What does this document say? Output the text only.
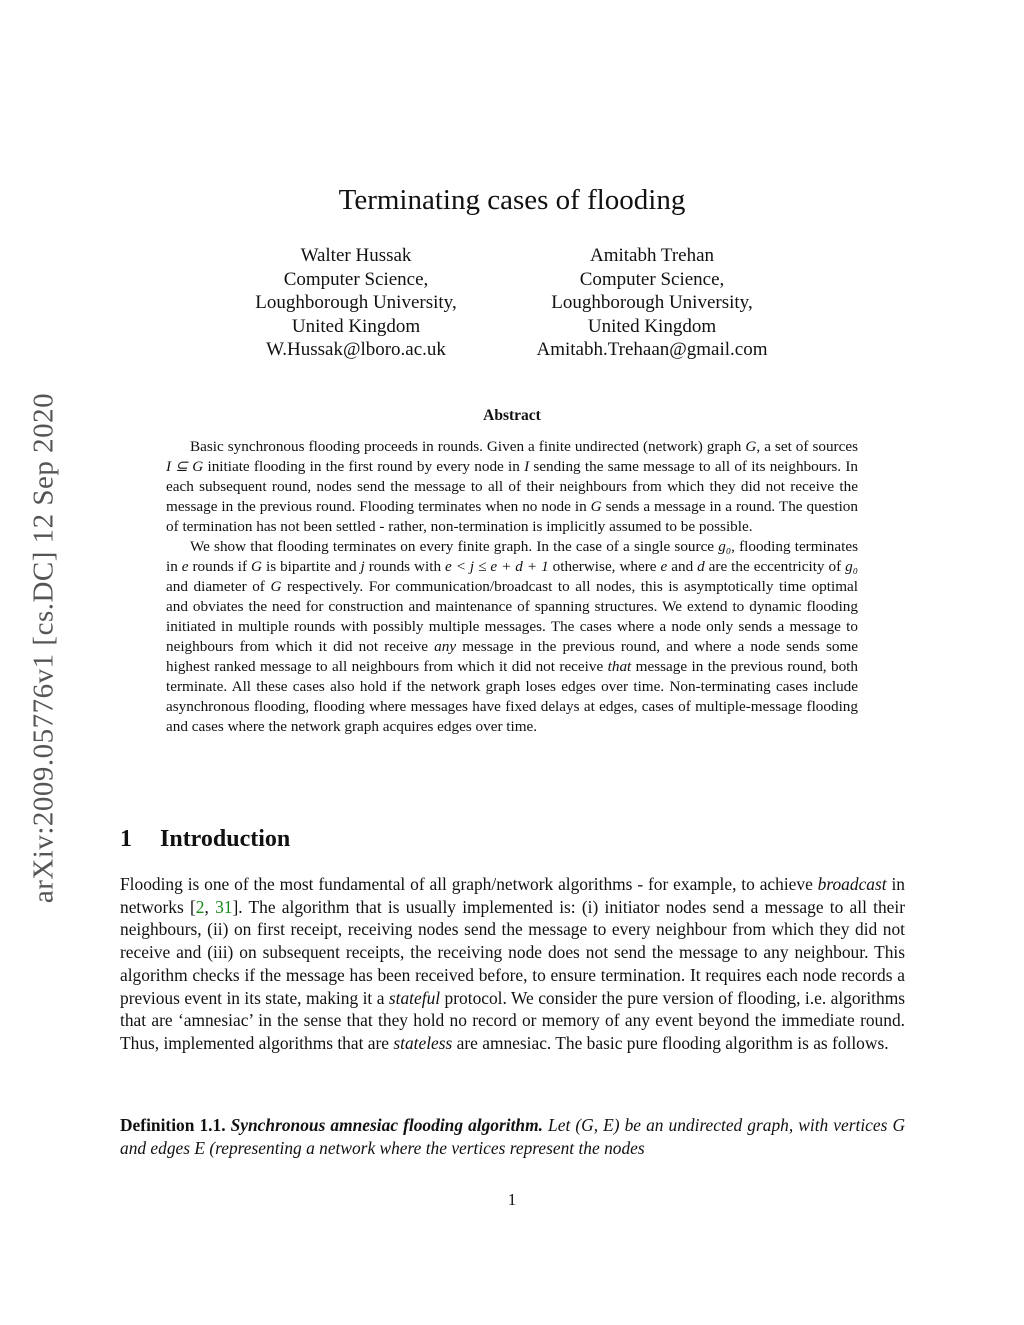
arXiv:2009.05776v1 [cs.DC] 12 Sep 2020
Terminating cases of flooding
Walter Hussak
Computer Science,
Loughborough University,
United Kingdom
W.Hussak@lboro.ac.uk
Amitabh Trehan
Computer Science,
Loughborough University,
United Kingdom
Amitabh.Trehaan@gmail.com
Abstract

Basic synchronous flooding proceeds in rounds. Given a finite undirected (network) graph G, a set of sources I ⊆ G initiate flooding in the first round by every node in I sending the same message to all of its neighbours. In each subsequent round, nodes send the message to all of their neighbours from which they did not receive the message in the previous round. Flooding terminates when no node in G sends a message in a round. The question of termination has not been settled - rather, non-termination is implicitly assumed to be possible.

We show that flooding terminates on every finite graph. In the case of a single source g₀, flooding terminates in e rounds if G is bipartite and j rounds with e < j ≤ e + d + 1 otherwise, where e and d are the eccentricity of g₀ and diameter of G respectively. For communication/broadcast to all nodes, this is asymptotically time optimal and obviates the need for construction and maintenance of spanning structures. We extend to dynamic flooding initiated in multiple rounds with possibly multiple messages. The cases where a node only sends a message to neighbours from which it did not receive any message in the previous round, and where a node sends some highest ranked message to all neighbours from which it did not receive that message in the previous round, both terminate. All these cases also hold if the network graph loses edges over time. Non-terminating cases include asynchronous flooding, flooding where messages have fixed delays at edges, cases of multiple-message flooding and cases where the network graph acquires edges over time.

1 Introduction

Flooding is one of the most fundamental of all graph/network algorithms - for example, to achieve broadcast in networks [2, 31]. The algorithm that is usually implemented is: (i) initiator nodes send a message to all their neighbours, (ii) on first receipt, receiving nodes send the message to every neighbour from which they did not receive and (iii) on subsequent receipts, the receiving node does not send the message to any neighbour. This algorithm checks if the message has been received before, to ensure termination. It requires each node records a previous event in its state, making it a stateful protocol. We consider the pure version of flooding, i.e. algorithms that are ‘amnesiac’ in the sense that they hold no record or memory of any event beyond the immediate round. Thus, implemented algorithms that are stateless are amnesiac. The basic pure flooding algorithm is as follows.

Definition 1.1. Synchronous amnesiac flooding algorithm. Let (G, E) be an undirected graph, with vertices G and edges E (representing a network where the vertices represent the nodes
1
